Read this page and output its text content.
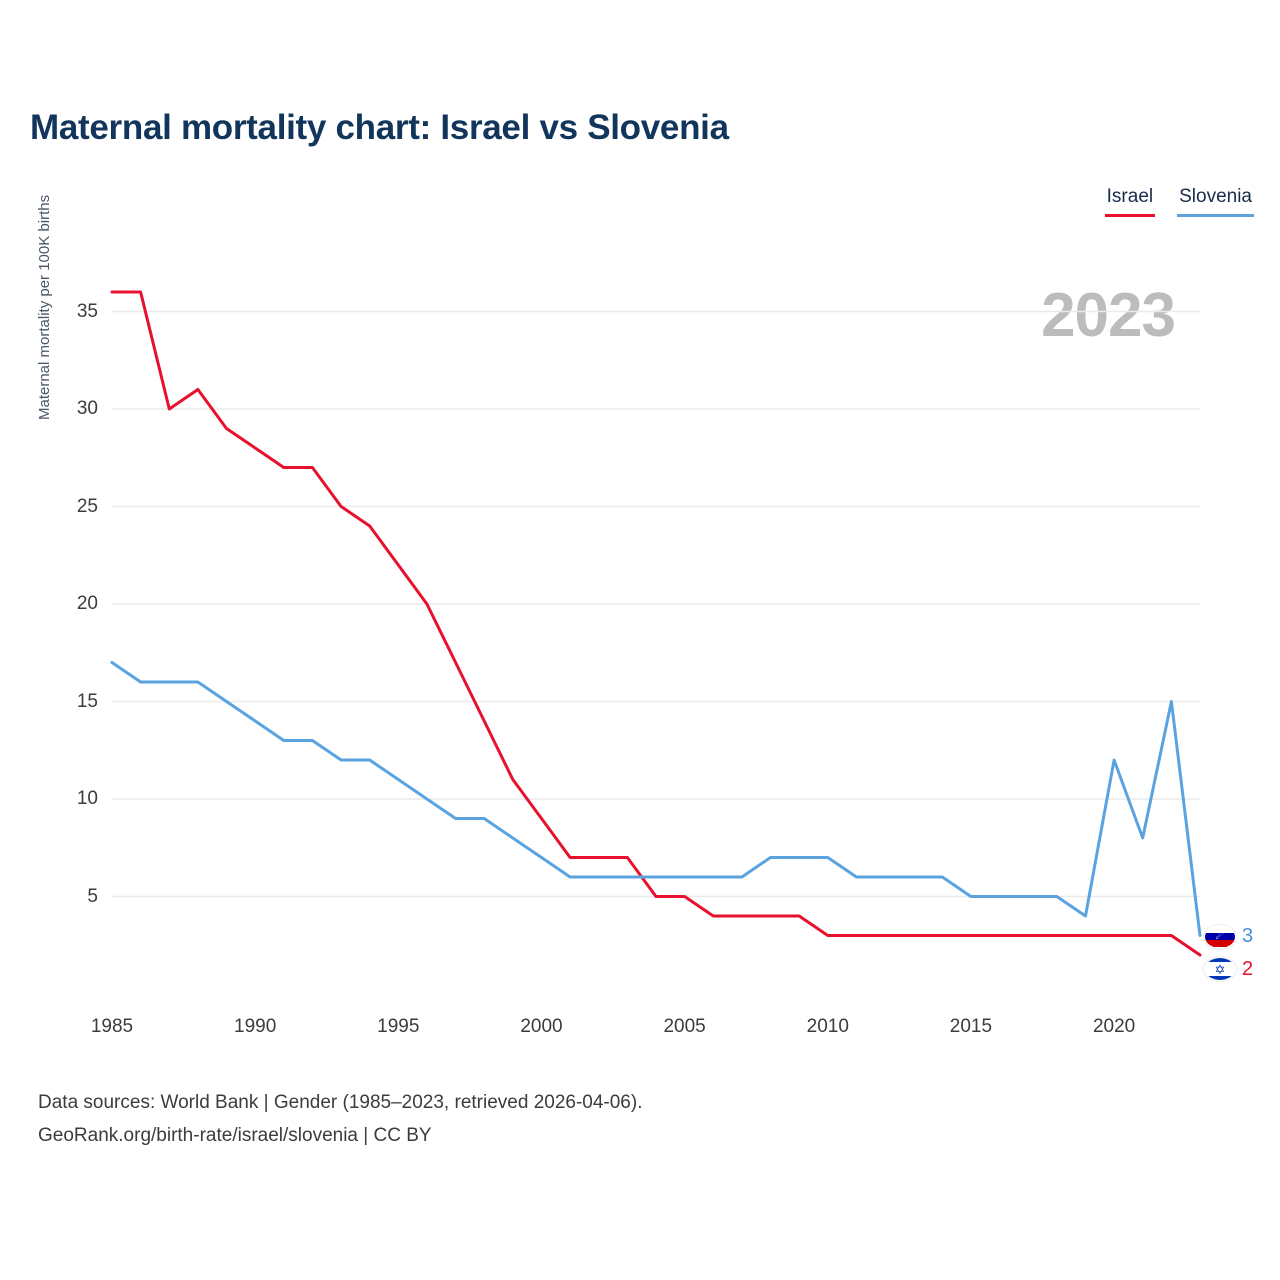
Maternal mortality chart: Israel vs Slovenia
Israel Slovenia
2023
Maternal mortality per 100K births
1985	1990	1995	2000	2005	2010	2015	2020
5
10
15
20
25
30
35
☄ 3
✡ 2
Data sources: World Bank | Gender (1985–2023, retrieved 2026-04-06).
GeoRank.org/birth-rate/israel/slovenia | CC BY
